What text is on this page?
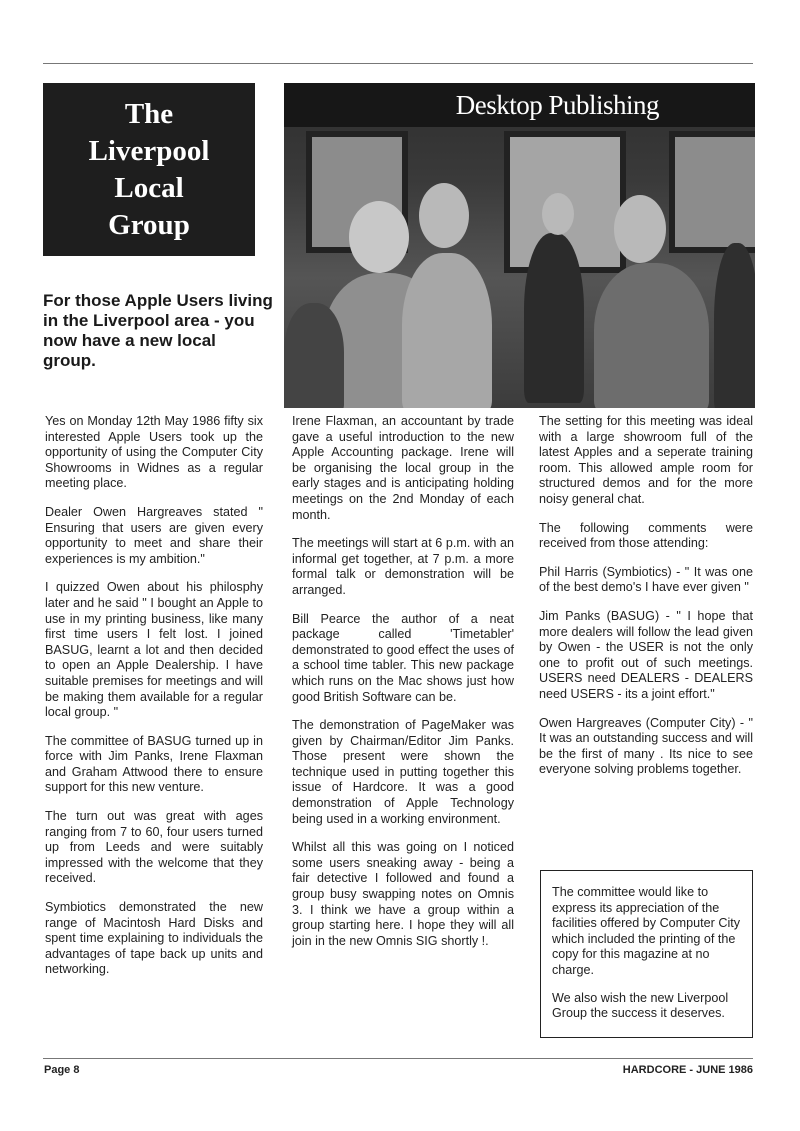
The
Liverpool
Local
Group
Desktop Publishing
For those Apple Users living in the Liverpool area - you now have a new local group.

Yes on Monday 12th May 1986 fifty six interested Apple Users took up the opportunity of using the Computer City Showrooms in Widnes as a regular meeting place.

Dealer Owen Hargreaves stated " Ensuring that users are given every opportunity to meet and share their experiences is my ambition."

I quizzed Owen about his philosphy later and he said " I bought an Apple to use in my printing business, like many first time users I felt lost. I joined BASUG, learnt a lot and then decided to open an Apple Dealership. I have suitable premises for meetings and will be making them available for a regular local group. "

The committee of BASUG turned up in force with Jim Panks, Irene Flaxman and Graham Attwood there to ensure support for this new venture.

The turn out was great with ages ranging from 7 to 60, four users turned up from Leeds and were suitably impressed with the welcome that they received.

Symbiotics demonstrated the new range of Macintosh Hard Disks and spent time explaining to individuals the advantages of tape back up units and networking.

Irene Flaxman, an accountant by trade gave a useful introduction to the new Apple Accounting package. Irene will be organising the local group in the early stages and is anticipating holding meetings on the 2nd Monday of each month.

The meetings will start at 6 p.m. with an informal get together, at 7 p.m. a more formal talk or demonstration will be arranged.

Bill Pearce the author of a neat package called 'Timetabler' demonstrated to good effect the uses of a school time tabler. This new package which runs on the Mac shows just how good British Software can be.

The demonstration of PageMaker was given by Chairman/Editor Jim Panks. Those present were shown the technique used in putting together this issue of Hardcore. It was a good demonstration of Apple Technology being used in a working environment.

Whilst all this was going on I noticed some users sneaking away - being a fair detective I followed and found a group busy swapping notes on Omnis 3. I think we have a group within a group starting here. I hope they will all join in the new Omnis SIG shortly !.

The setting for this meeting was ideal with a large showroom full of the latest Apples and a seperate training room. This allowed ample room for structured demos and for the more noisy general chat.

The following comments were received from those attending:

Phil Harris (Symbiotics) - " It was one of the best demo's I have ever given "

Jim Panks (BASUG) - " I hope that more dealers will follow the lead given by Owen - the USER is not the only one to profit out of such meetings. USERS need DEALERS - DEALERS need USERS - its a joint effort."

Owen Hargreaves (Computer City) - " It was an outstanding success and will be the first of many . Its nice to see everyone solving problems together.

The committee would like to express its appreciation of the facilities offered by Computer City which included the printing of the copy for this magazine at no charge.

We also wish the new Liverpool Group the success it deserves.

Page 8	HARDCORE - JUNE 1986
